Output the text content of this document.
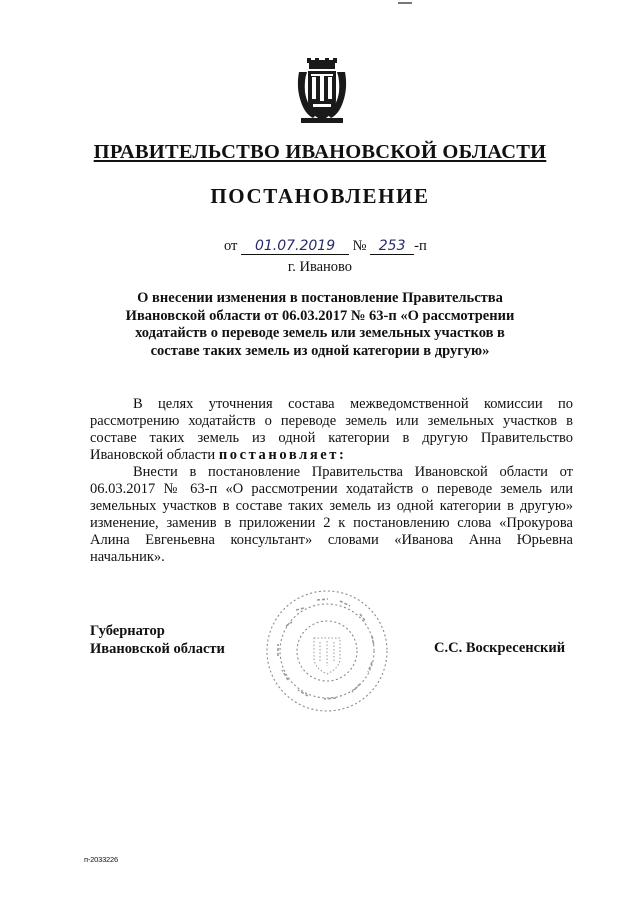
ПРАВИТЕЛЬСТВО ИВАНОВСКОЙ ОБЛАСТИ
ПОСТАНОВЛЕНИЕ
от 01.07.2019 № 253 -п
г. Иваново
О внесении изменения в постановление Правительства Ивановской области от 06.03.2017 № 63-п «О рассмотрении ходатайств о переводе земель или земельных участков в составе таких земель из одной категории в другую»

В целях уточнения состава межведомственной комиссии по рассмотрению ходатайств о переводе земель или земельных участков в составе таких земель из одной категории в другую Правительство Ивановской области постановляет:

Внести в постановление Правительства Ивановской области от 06.03.2017 № 63-п «О рассмотрении ходатайств о переводе земель или земельных участков в составе таких земель из одной категории в другую» изменение, заменив в приложении 2 к постановлению слова «Прокурова Алина Евгеньевна консультант» словами «Иванова Анна Юрьевна начальник».

Губернатор
Ивановской области	С.С. Воскресенский
п-2033226
